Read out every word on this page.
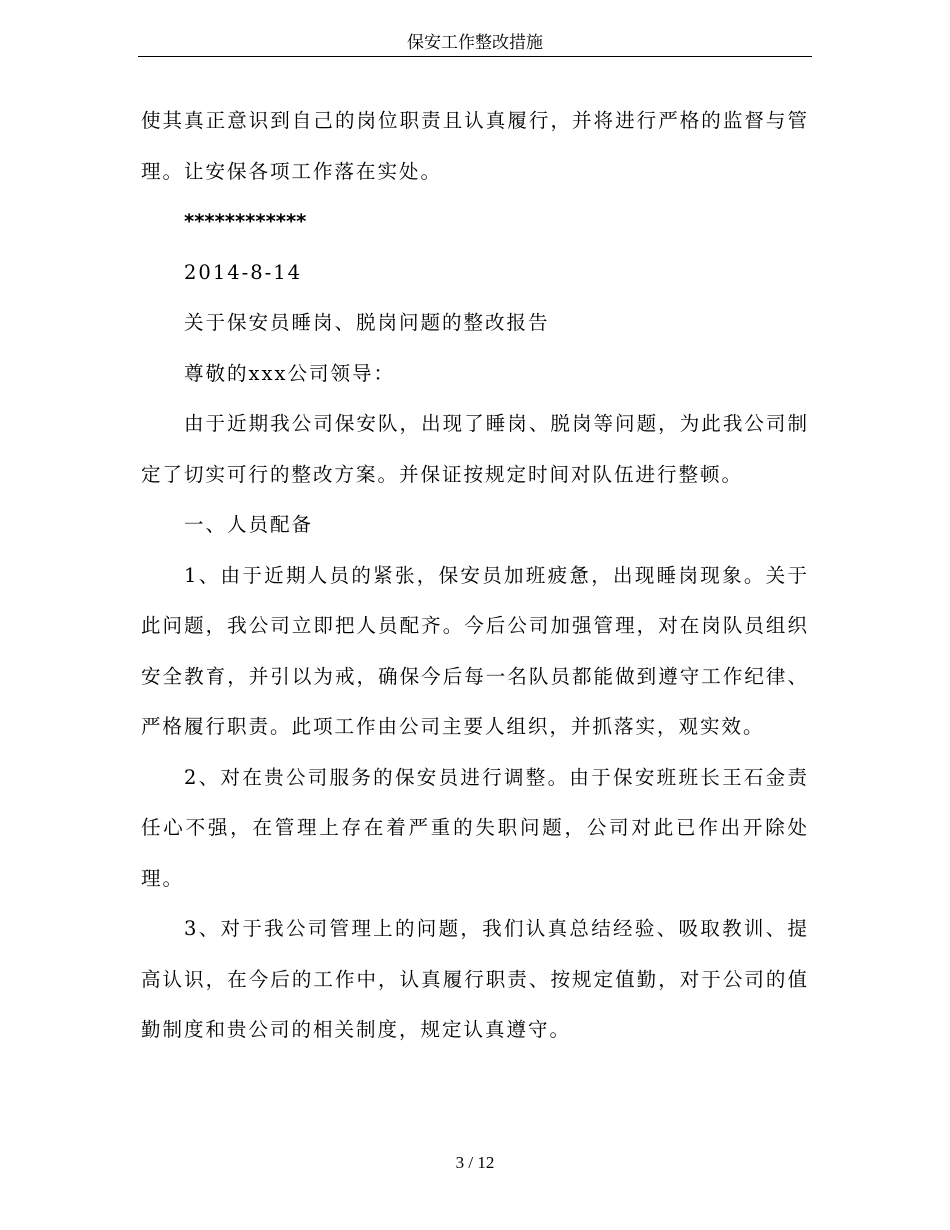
保安工作整改措施

使其真正意识到自己的岗位职责且认真履行，并将进行严格的监督与管理。让安保各项工作落在实处。

************

2014-8-14

关于保安员睡岗、脱岗问题的整改报告

尊敬的xxx公司领导：

由于近期我公司保安队，出现了睡岗、脱岗等问题，为此我公司制定了切实可行的整改方案。并保证按规定时间对队伍进行整顿。

一、人员配备

1、由于近期人员的紧张，保安员加班疲惫，出现睡岗现象。关于此问题，我公司立即把人员配齐。今后公司加强管理，对在岗队员组织安全教育，并引以为戒，确保今后每一名队员都能做到遵守工作纪律、严格履行职责。此项工作由公司主要人组织，并抓落实，观实效。

2、对在贵公司服务的保安员进行调整。由于保安班班长王石金责任心不强，在管理上存在着严重的失职问题，公司对此已作出开除处理。

3、对于我公司管理上的问题，我们认真总结经验、吸取教训、提高认识，在今后的工作中，认真履行职责、按规定值勤，对于公司的值勤制度和贵公司的相关制度，规定认真遵守。

3 / 12
